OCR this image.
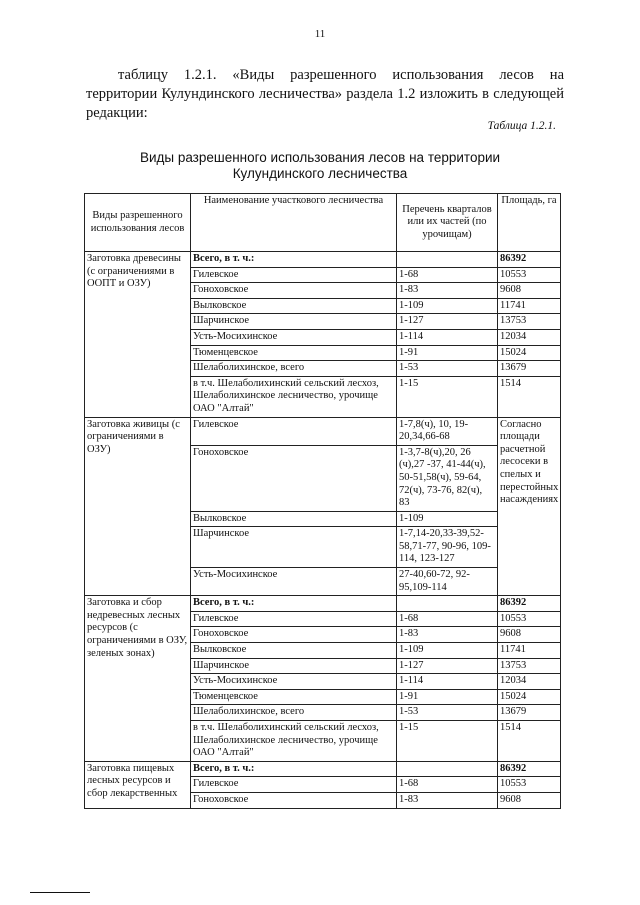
11
таблицу 1.2.1. «Виды разрешенного использования лесов на территории Кулундинского лесничества» раздела 1.2 изложить в следующей редакции:
Таблица 1.2.1.
Виды разрешенного использования лесов на территории
Кулундинского лесничества
Виды разрешенного использования лесов	Наименование участкового лесничества	Перечень кварталов или их частей (по урочищам)	Площадь, га
Заготовка древесины (с ограничениями в ООПТ и ОЗУ)	Всего, в т. ч.:		86392
	Гилевское	1-68	10553
	Гоноховское	1-83	9608
	Вылковское	1-109	11741
	Шарчинское	1-127	13753
	Усть-Мосихинское	1-114	12034
	Тюменцевское	1-91	15024
	Шелаболихинское, всего	1-53	13679
	в т.ч. Шелаболихинский сельский лесхоз, Шелаболихинское лесничество, урочище ОАО "Алтай"	1-15	1514
Заготовка живицы (с ограничениями в ОЗУ)	Гилевское	1-7,8(ч), 10, 19-20,34,66-68	Согласно площади расчетной лесосеки в спелых и перестойных насаждениях
	Гоноховское	1-3,7-8(ч),20, 26 (ч),27 -37, 41-44(ч), 50-51,58(ч), 59-64, 72(ч), 73-76, 82(ч), 83	
	Вылковское	1-109	
	Шарчинское	1-7,14-20,33-39,52-58,71-77, 90-96, 109-114, 123-127	
	Усть-Мосихинское	27-40,60-72, 92-95,109-114	
Заготовка и сбор недревесных лесных ресурсов (с ограничениями в ОЗУ, зеленых зонах)	Всего, в т. ч.:		86392
	Гилевское	1-68	10553
	Гоноховское	1-83	9608
	Вылковское	1-109	11741
	Шарчинское	1-127	13753
	Усть-Мосихинское	1-114	12034
	Тюменцевское	1-91	15024
	Шелаболихинское, всего	1-53	13679
	в т.ч. Шелаболихинский сельский лесхоз, Шелаболихинское лесничество, урочище ОАО "Алтай"	1-15	1514
Заготовка пищевых лесных ресурсов и сбор лекарственных	Всего, в т. ч.:		86392
	Гилевское	1-68	10553
	Гоноховское	1-83	9608
